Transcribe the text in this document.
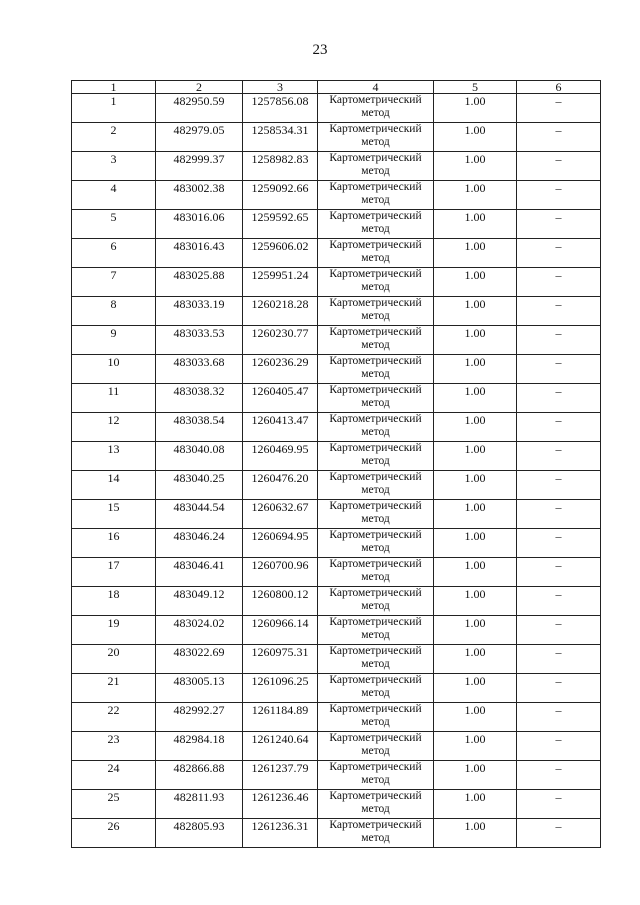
23
1	2	3	4	5	6
1	482950.59	1257856.08	Картометрический метод	1.00	–
2	482979.05	1258534.31	Картометрический метод	1.00	–
3	482999.37	1258982.83	Картометрический метод	1.00	–
4	483002.38	1259092.66	Картометрический метод	1.00	–
5	483016.06	1259592.65	Картометрический метод	1.00	–
6	483016.43	1259606.02	Картометрический метод	1.00	–
7	483025.88	1259951.24	Картометрический метод	1.00	–
8	483033.19	1260218.28	Картометрический метод	1.00	–
9	483033.53	1260230.77	Картометрический метод	1.00	–
10	483033.68	1260236.29	Картометрический метод	1.00	–
11	483038.32	1260405.47	Картометрический метод	1.00	–
12	483038.54	1260413.47	Картометрический метод	1.00	–
13	483040.08	1260469.95	Картометрический метод	1.00	–
14	483040.25	1260476.20	Картометрический метод	1.00	–
15	483044.54	1260632.67	Картометрический метод	1.00	–
16	483046.24	1260694.95	Картометрический метод	1.00	–
17	483046.41	1260700.96	Картометрический метод	1.00	–
18	483049.12	1260800.12	Картометрический метод	1.00	–
19	483024.02	1260966.14	Картометрический метод	1.00	–
20	483022.69	1260975.31	Картометрический метод	1.00	–
21	483005.13	1261096.25	Картометрический метод	1.00	–
22	482992.27	1261184.89	Картометрический метод	1.00	–
23	482984.18	1261240.64	Картометрический метод	1.00	–
24	482866.88	1261237.79	Картометрический метод	1.00	–
25	482811.93	1261236.46	Картометрический метод	1.00	–
26	482805.93	1261236.31	Картометрический метод	1.00	–
